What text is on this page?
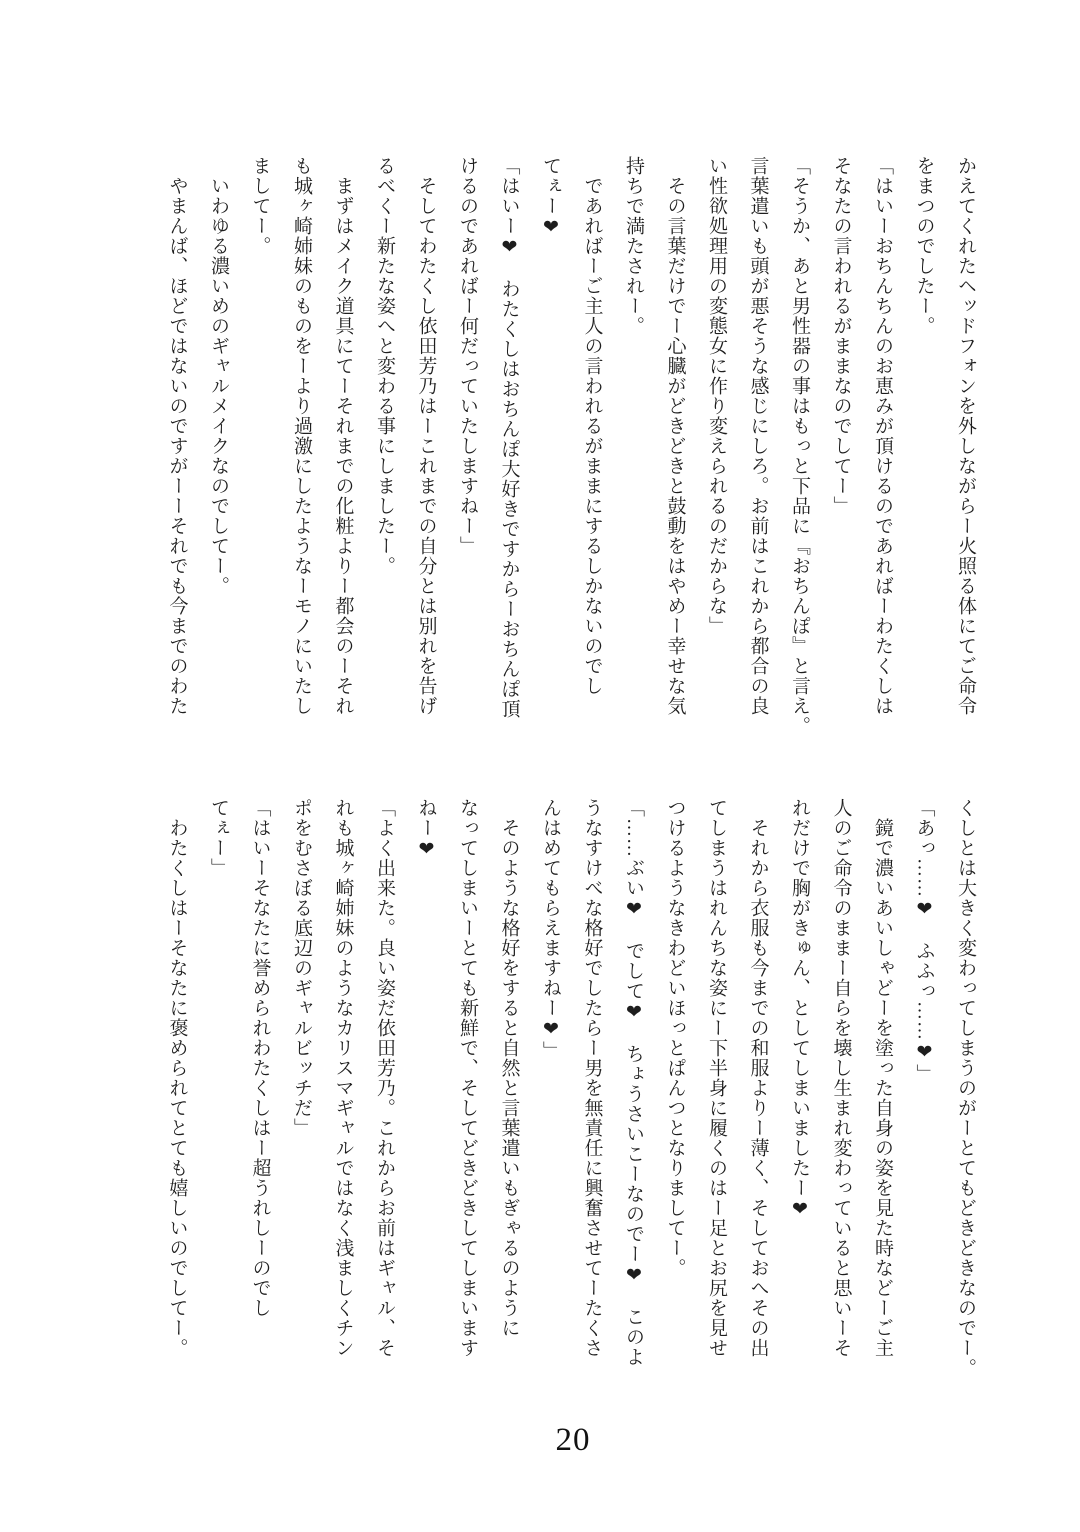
かえてくれたヘッドフォンを外しながらー火照る体にてご命令
をまつのでしたー。
「はいーおちんちんのお恵みが頂けるのであればーわたくしは
そなたの言われるがままなのでしてー」
「そうか、あと男性器の事はもっと下品に『おちんぽ』と言え。
言葉遣いも頭が悪そうな感じにしろ。お前はこれから都合の良
い性欲処理用の変態女に作り変えられるのだからな」
その言葉だけでー心臓がどきどきと鼓動をはやめー幸せな気
持ちで満たされー。
であればーご主人の言われるがままにするしかないのでし
てぇー❤
「はいー❤　わたくしはおちんぽ大好きですからーおちんぽ頂
けるのであればー何だっていたしますねー」
そしてわたくし依田芳乃はーこれまでの自分とは別れを告げ
るべくー新たな姿へと変わる事にしましたー。
まずはメイク道具にてーそれまでの化粧よりー都会のーそれ
も城ヶ崎姉妹のものをーより過激にしたようなーモノにいたし
ましてー。
いわゆる濃いめのギャルメイクなのでしてー。
やまんば、ほどではないのですがーーそれでも今までのわた
くしとは大きく変わってしまうのがーとてもどきどきなのでー。
「あっ……❤　ふふっ……❤」
鏡で濃いあいしゃどーを塗った自身の姿を見た時などーご主
人のご命令のままー自らを壊し生まれ変わっていると思いーそ
れだけで胸がきゅん、としてしまいましたー❤
それから衣服も今までの和服よりー薄く、そしておへその出
てしまうはれんちな姿にー下半身に履くのはー足とお尻を見せ
つけるようなきわどいほっとぱんつとなりましてー。
「……ぶい❤　でして❤　ちょうさいこーなのでー❤　このよ
うなすけべな格好でしたらー男を無責任に興奮させてーたくさ
んはめてもらえますねー❤」
そのような格好をすると自然と言葉遣いもぎゃるのように
なってしまいーとても新鮮で、そしてどきどきしてしまいます
ねー❤
「よく出来た。良い姿だ依田芳乃。これからお前はギャル、そ
れも城ヶ崎姉妹のようなカリスマギャルではなく浅ましくチン
ポをむさぼる底辺のギャルビッチだ」
「はいーそなたに誉められわたくしはー超うれしーのでし
てぇー」
わたくしはーそなたに褒められてとても嬉しいのでしてー。
20
